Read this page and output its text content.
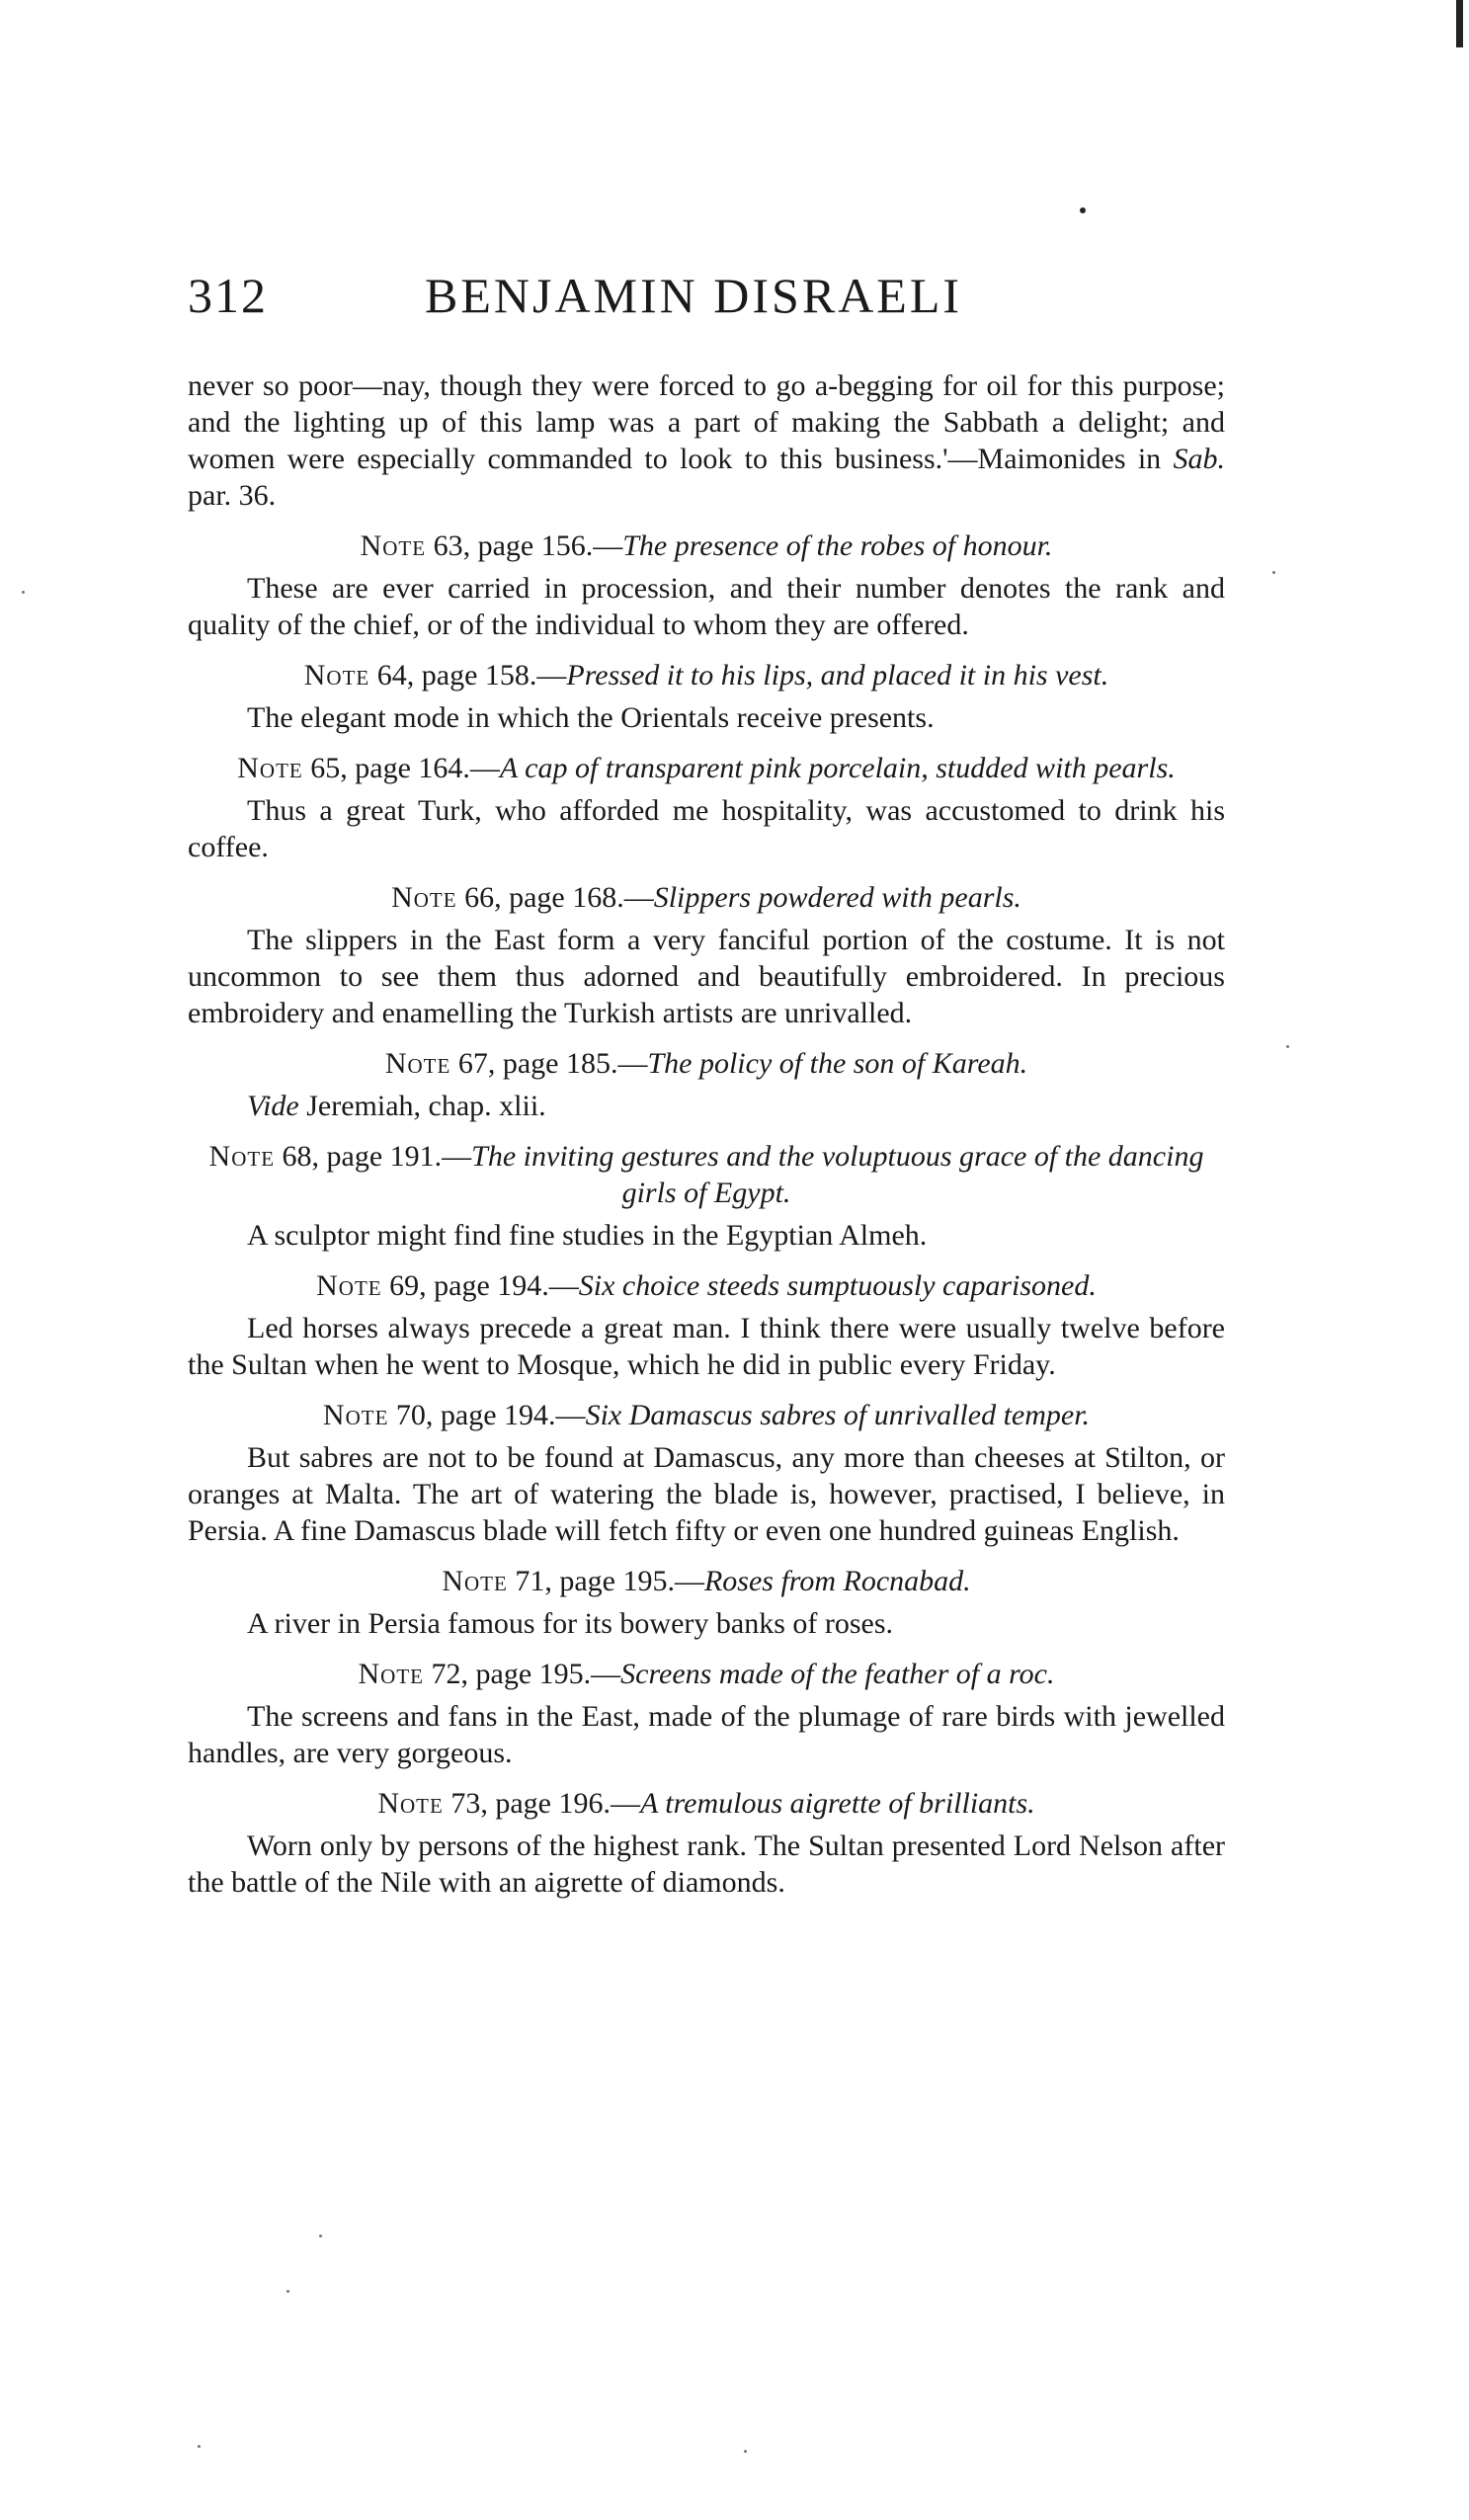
312	BENJAMIN DISRAELI

never so poor—nay, though they were forced to go a-begging for oil for this purpose; and the lighting up of this lamp was a part of making the Sabbath a delight; and women were especially commanded to look to this business.'—Maimonides in Sab. par. 36.

Note 63, page 156.—The presence of the robes of honour.

These are ever carried in procession, and their number denotes the rank and quality of the chief, or of the individual to whom they are offered.

Note 64, page 158.—Pressed it to his lips, and placed it in his vest.

The elegant mode in which the Orientals receive presents.

Note 65, page 164.—A cap of transparent pink porcelain, studded with pearls.

Thus a great Turk, who afforded me hospitality, was accustomed to drink his coffee.

Note 66, page 168.—Slippers powdered with pearls.

The slippers in the East form a very fanciful portion of the costume. It is not uncommon to see them thus adorned and beautifully embroidered. In precious embroidery and enamelling the Turkish artists are unrivalled.

Note 67, page 185.—The policy of the son of Kareah.

Vide Jeremiah, chap. xlii.

Note 68, page 191.—The inviting gestures and the voluptuous grace of the dancing girls of Egypt.

A sculptor might find fine studies in the Egyptian Almeh.

Note 69, page 194.—Six choice steeds sumptuously caparisoned.

Led horses always precede a great man. I think there were usually twelve before the Sultan when he went to Mosque, which he did in public every Friday.

Note 70, page 194.—Six Damascus sabres of unrivalled temper.

But sabres are not to be found at Damascus, any more than cheeses at Stilton, or oranges at Malta. The art of watering the blade is, however, practised, I believe, in Persia. A fine Damascus blade will fetch fifty or even one hundred guineas English.

Note 71, page 195.—Roses from Rocnabad.

A river in Persia famous for its bowery banks of roses.

Note 72, page 195.—Screens made of the feather of a roc.

The screens and fans in the East, made of the plumage of rare birds with jewelled handles, are very gorgeous.

Note 73, page 196.—A tremulous aigrette of brilliants.

Worn only by persons of the highest rank. The Sultan presented Lord Nelson after the battle of the Nile with an aigrette of diamonds.
